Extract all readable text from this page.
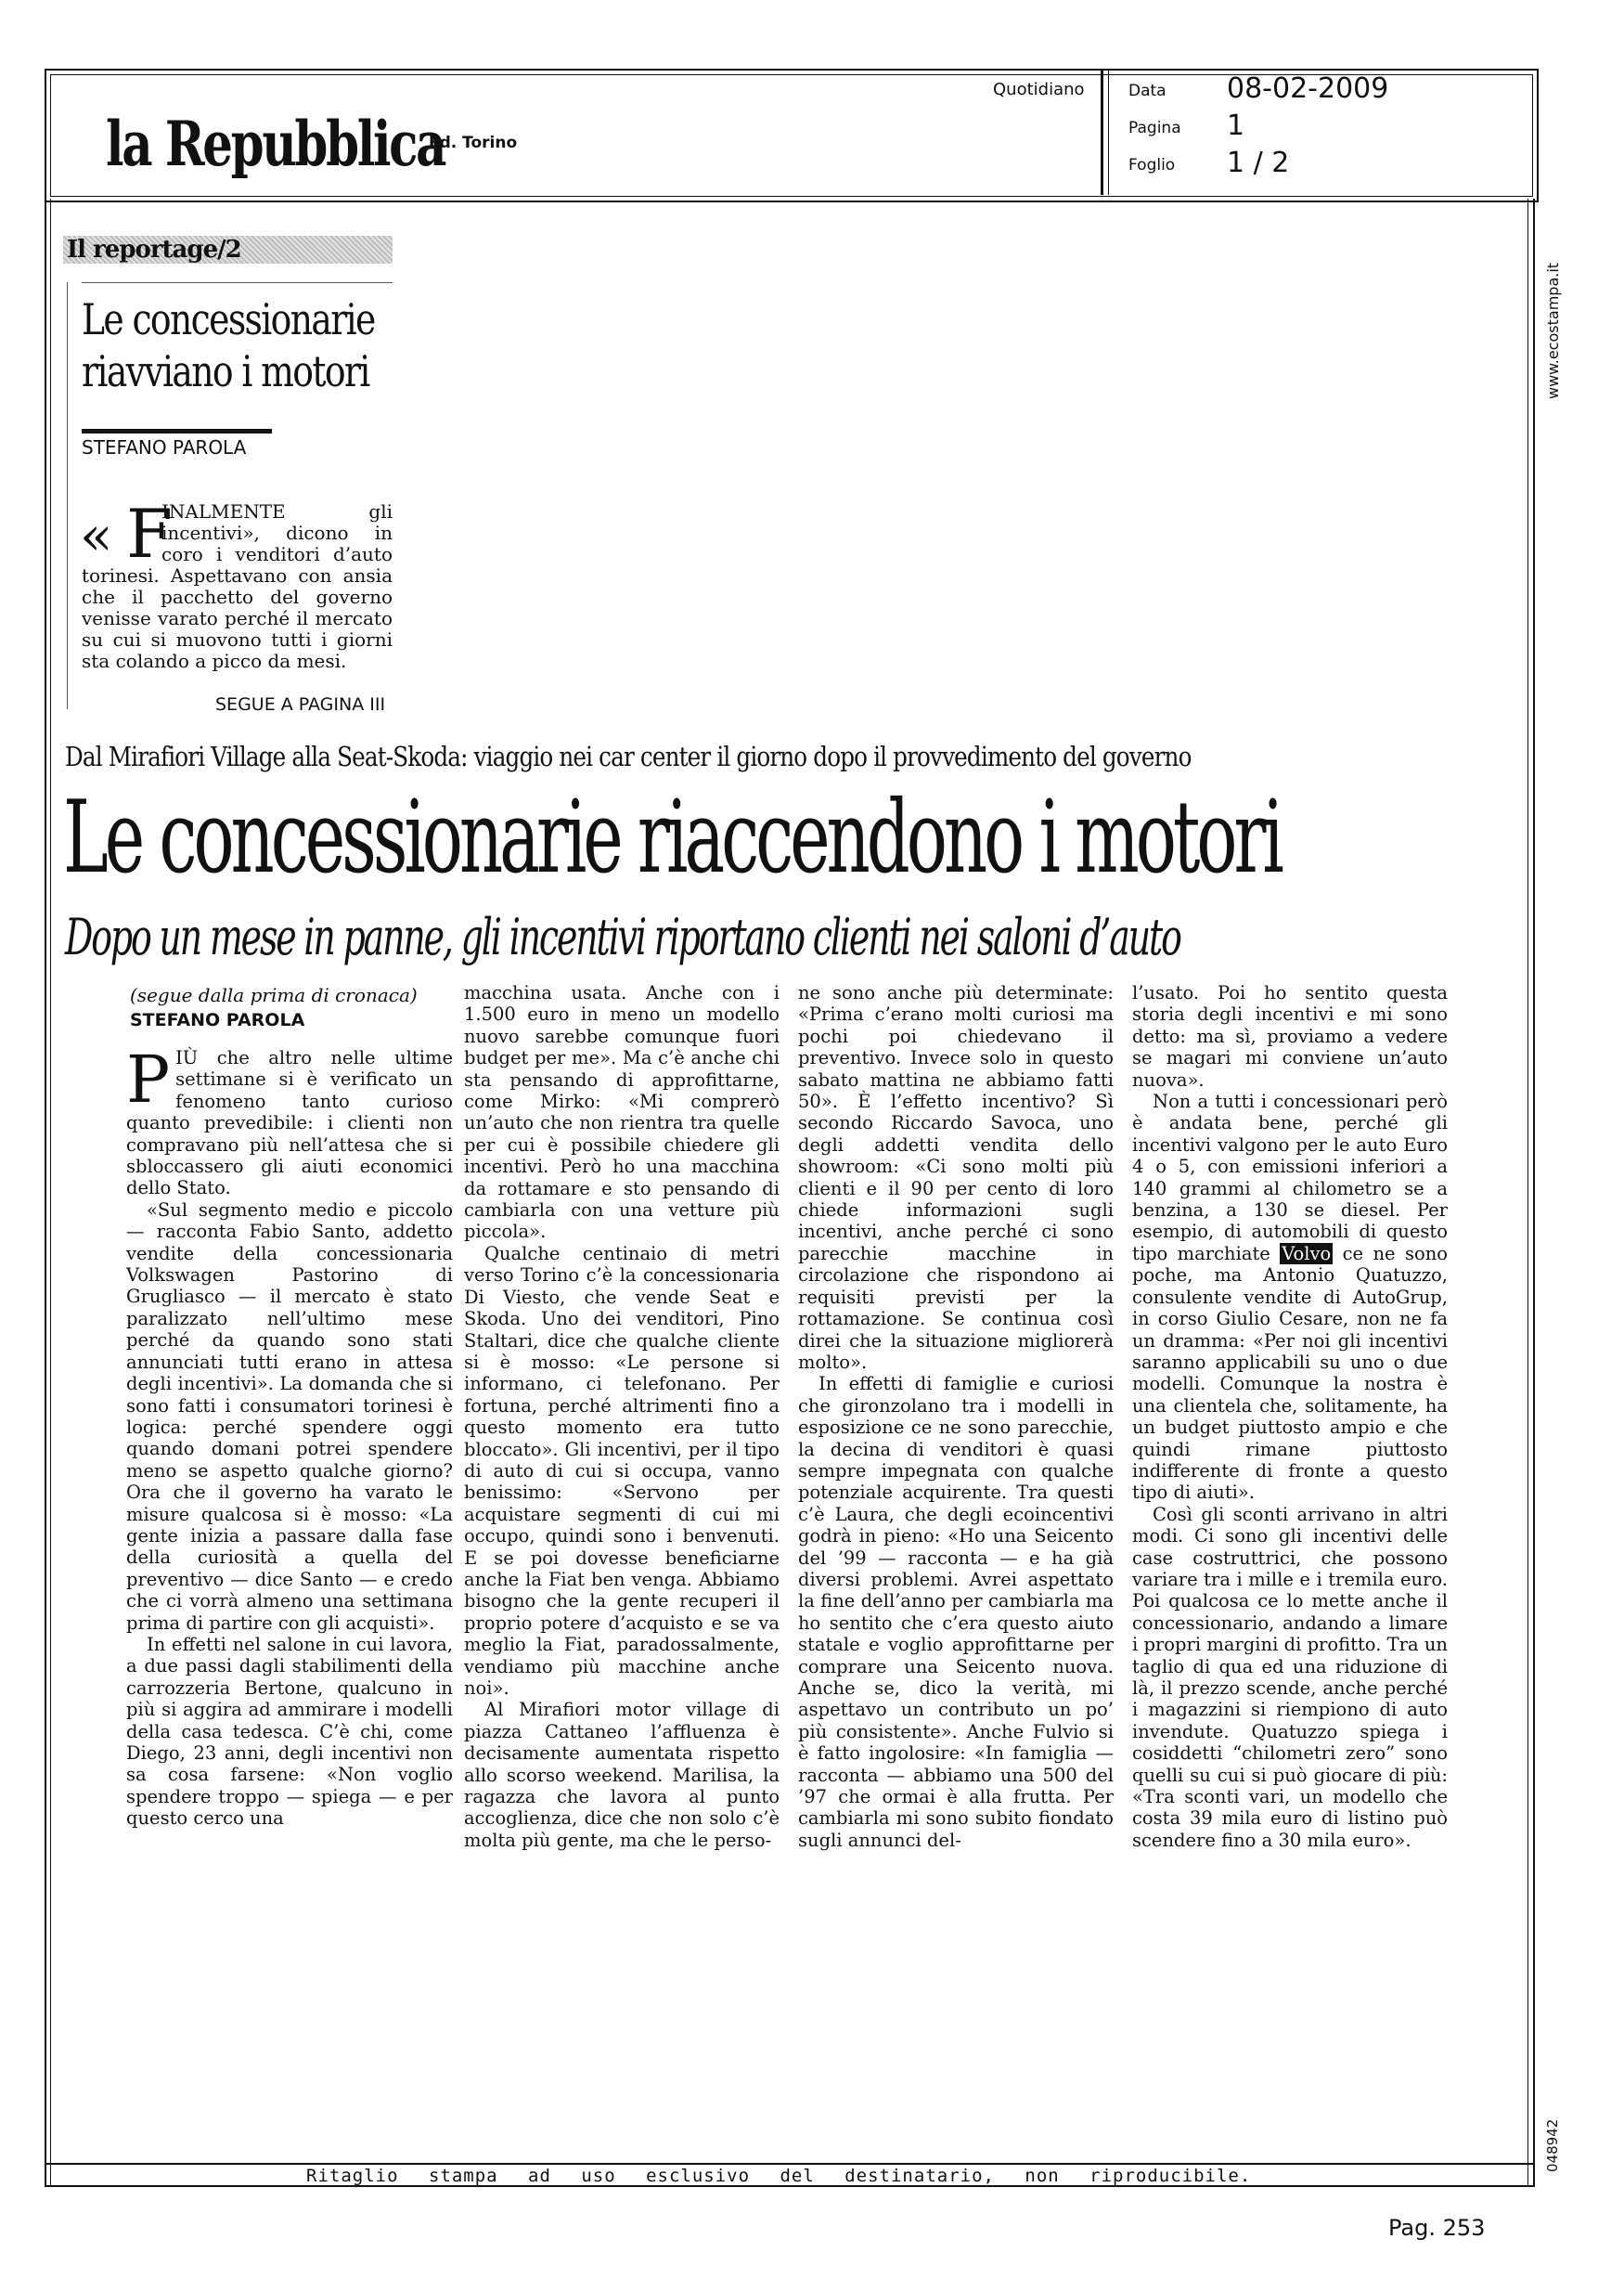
la Repubblica
Ed. Torino
Quotidiano	Data 08-02-2009
Pagina 1
Foglio 1 / 2
www.ecostampa.it
048942
Il reportage/2
Le concessionarie
riavviano i motori
STEFANO PAROLA
« F
INALMENTE gli incentivi», dicono in coro i venditori d’auto torinesi. Aspettavano con ansia che il pacchetto del governo venisse varato perché il mercato su cui si muovono tutti i giorni sta colando a picco da mesi.
SEGUE A PAGINA III
Dal Mirafiori Village alla Seat-Skoda: viaggio nei car center il giorno dopo il provvedimento del governo
Le concessionarie riaccendono i motori
Dopo un mese in panne, gli incentivi riportano clienti nei saloni d’auto
(segue dalla prima di cronaca)
STEFANO PAROLA

PIÙ che altro nelle ultime settimane si è verificato un fenomeno tanto curioso quanto prevedibile: i clienti non compravano più nell’attesa che si sbloccassero gli aiuti economici dello Stato.

«Sul segmento medio e piccolo — racconta Fabio Santo, addetto vendite della concessionaria Volkswagen Pastorino di Grugliasco — il mercato è stato paralizzato nell’ultimo mese perché da quando sono stati annunciati tutti erano in attesa degli incentivi». La domanda che si sono fatti i consumatori torinesi è logica: perché spendere oggi quando domani potrei spendere meno se aspetto qualche giorno? Ora che il governo ha varato le misure qualcosa si è mosso: «La gente inizia a passare dalla fase della curiosità a quella del preventivo — dice Santo — e credo che ci vorrà almeno una settimana prima di partire con gli acquisti».

In effetti nel salone in cui lavora, a due passi dagli stabilimenti della carrozzeria Bertone, qualcuno in più si aggira ad ammirare i modelli della casa tedesca. C’è chi, come Diego, 23 anni, degli incentivi non sa cosa farsene: «Non voglio spendere troppo — spiega — e per questo cerco una

macchina usata. Anche con i 1.500 euro in meno un modello nuovo sarebbe comunque fuori budget per me». Ma c’è anche chi sta pensando di approfittarne, come Mirko: «Mi comprerò un’auto che non rientra tra quelle per cui è possibile chiedere gli incentivi. Però ho una macchina da rottamare e sto pensando di cambiarla con una vetture più piccola».

Qualche centinaio di metri verso Torino c’è la concessionaria Di Viesto, che vende Seat e Skoda. Uno dei venditori, Pino Staltari, dice che qualche cliente si è mosso: «Le persone si informano, ci telefonano. Per fortuna, perché altrimenti fino a questo momento era tutto bloccato». Gli incentivi, per il tipo di auto di cui si occupa, vanno benissimo: «Servono per acquistare segmenti di cui mi occupo, quindi sono i benvenuti. E se poi dovesse beneficiarne anche la Fiat ben venga. Abbiamo bisogno che la gente recuperi il proprio potere d’acquisto e se va meglio la Fiat, paradossalmente, vendiamo più macchine anche noi».

Al Mirafiori motor village di piazza Cattaneo l’affluenza è decisamente aumentata rispetto allo scorso weekend. Marilisa, la ragazza che lavora al punto accoglienza, dice che non solo c’è molta più gente, ma che le perso-

ne sono anche più determinate: «Prima c’erano molti curiosi ma pochi poi chiedevano il preventivo. Invece solo in questo sabato mattina ne abbiamo fatti 50». È l’effetto incentivo? Sì secondo Riccardo Savoca, uno degli addetti vendita dello showroom: «Ci sono molti più clienti e il 90 per cento di loro chiede informazioni sugli incentivi, anche perché ci sono parecchie macchine in circolazione che rispondono ai requisiti previsti per la rottamazione. Se continua così direi che la situazione migliorerà molto».

In effetti di famiglie e curiosi che gironzolano tra i modelli in esposizione ce ne sono parecchie, la decina di venditori è quasi sempre impegnata con qualche potenziale acquirente. Tra questi c’è Laura, che degli ecoincentivi godrà in pieno: «Ho una Seicento del ’99 — racconta — e ha già diversi problemi. Avrei aspettato la fine dell’anno per cambiarla ma ho sentito che c’era questo aiuto statale e voglio approfittarne per comprare una Seicento nuova. Anche se, dico la verità, mi aspettavo un contributo un po’ più consistente». Anche Fulvio si è fatto ingolosire: «In famiglia — racconta — abbiamo una 500 del ’97 che ormai è alla frutta. Per cambiarla mi sono subito fiondato sugli annunci del-

l’usato. Poi ho sentito questa storia degli incentivi e mi sono detto: ma sì, proviamo a vedere se magari mi conviene un’auto nuova».

Non a tutti i concessionari però è andata bene, perché gli incentivi valgono per le auto Euro 4 o 5, con emissioni inferiori a 140 grammi al chilometro se a benzina, a 130 se diesel. Per esempio, di automobili di questo tipo marchiate Volvo ce ne sono poche, ma Antonio Quatuzzo, consulente vendite di AutoGrup, in corso Giulio Cesare, non ne fa un dramma: «Per noi gli incentivi saranno applicabili su uno o due modelli. Comunque la nostra è una clientela che, solitamente, ha un budget piuttosto ampio e che quindi rimane piuttosto indifferente di fronte a questo tipo di aiuti».

Così gli sconti arrivano in altri modi. Ci sono gli incentivi delle case costruttrici, che possono variare tra i mille e i tremila euro. Poi qualcosa ce lo mette anche il concessionario, andando a limare i propri margini di profitto. Tra un taglio di qua ed una riduzione di là, il prezzo scende, anche perché i magazzini si riempiono di auto invendute. Quatuzzo spiega i cosiddetti “chilometri zero” sono quelli su cui si può giocare di più: «Tra sconti vari, un modello che costa 39 mila euro di listino può scendere fino a 30 mila euro».

Ritaglio stampa ad uso esclusivo del destinatario, non riproducibile.
Pag. 253
